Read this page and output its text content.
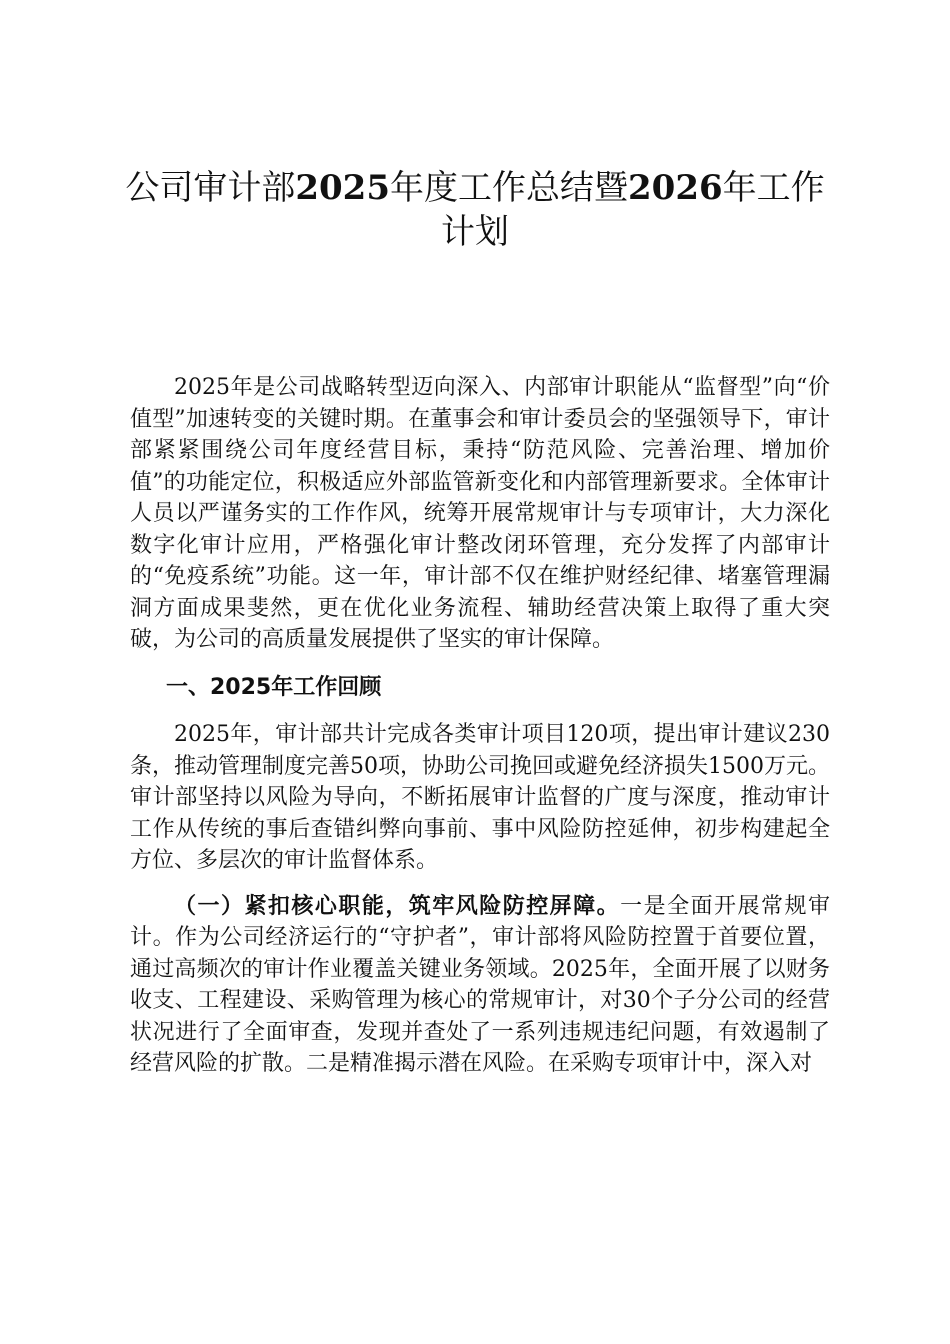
公司审计部2025年度工作总结暨2026年工作计划

2025年是公司战略转型迈向深入、内部审计职能从“监督型”向“价值型”加速转变的关键时期。在董事会和审计委员会的坚强领导下，审计部紧紧围绕公司年度经营目标，秉持“防范风险、完善治理、增加价值”的功能定位，积极适应外部监管新变化和内部管理新要求。全体审计人员以严谨务实的工作作风，统筹开展常规审计与专项审计，大力深化数字化审计应用，严格强化审计整改闭环管理，充分发挥了内部审计的“免疫系统”功能。这一年，审计部不仅在维护财经纪律、堵塞管理漏洞方面成果斐然，更在优化业务流程、辅助经营决策上取得了重大突破，为公司的高质量发展提供了坚实的审计保障。

一、2025年工作回顾

2025年，审计部共计完成各类审计项目120项，提出审计建议230条，推动管理制度完善50项，协助公司挽回或避免经济损失1500万元。审计部坚持以风险为导向，不断拓展审计监督的广度与深度，推动审计工作从传统的事后查错纠弊向事前、事中风险防控延伸，初步构建起全方位、多层次的审计监督体系。

（一）紧扣核心职能，筑牢风险防控屏障。一是全面开展常规审计。作为公司经济运行的“守护者”，审计部将风险防控置于首要位置，通过高频次的审计作业覆盖关键业务领域。2025年，全面开展了以财务收支、工程建设、采购管理为核心的常规审计，对30个子分公司的经营状况进行了全面审查，发现并查处了一系列违规违纪问题，有效遏制了经营风险的扩散。二是精准揭示潜在风险。在采购专项审计中，深入对
